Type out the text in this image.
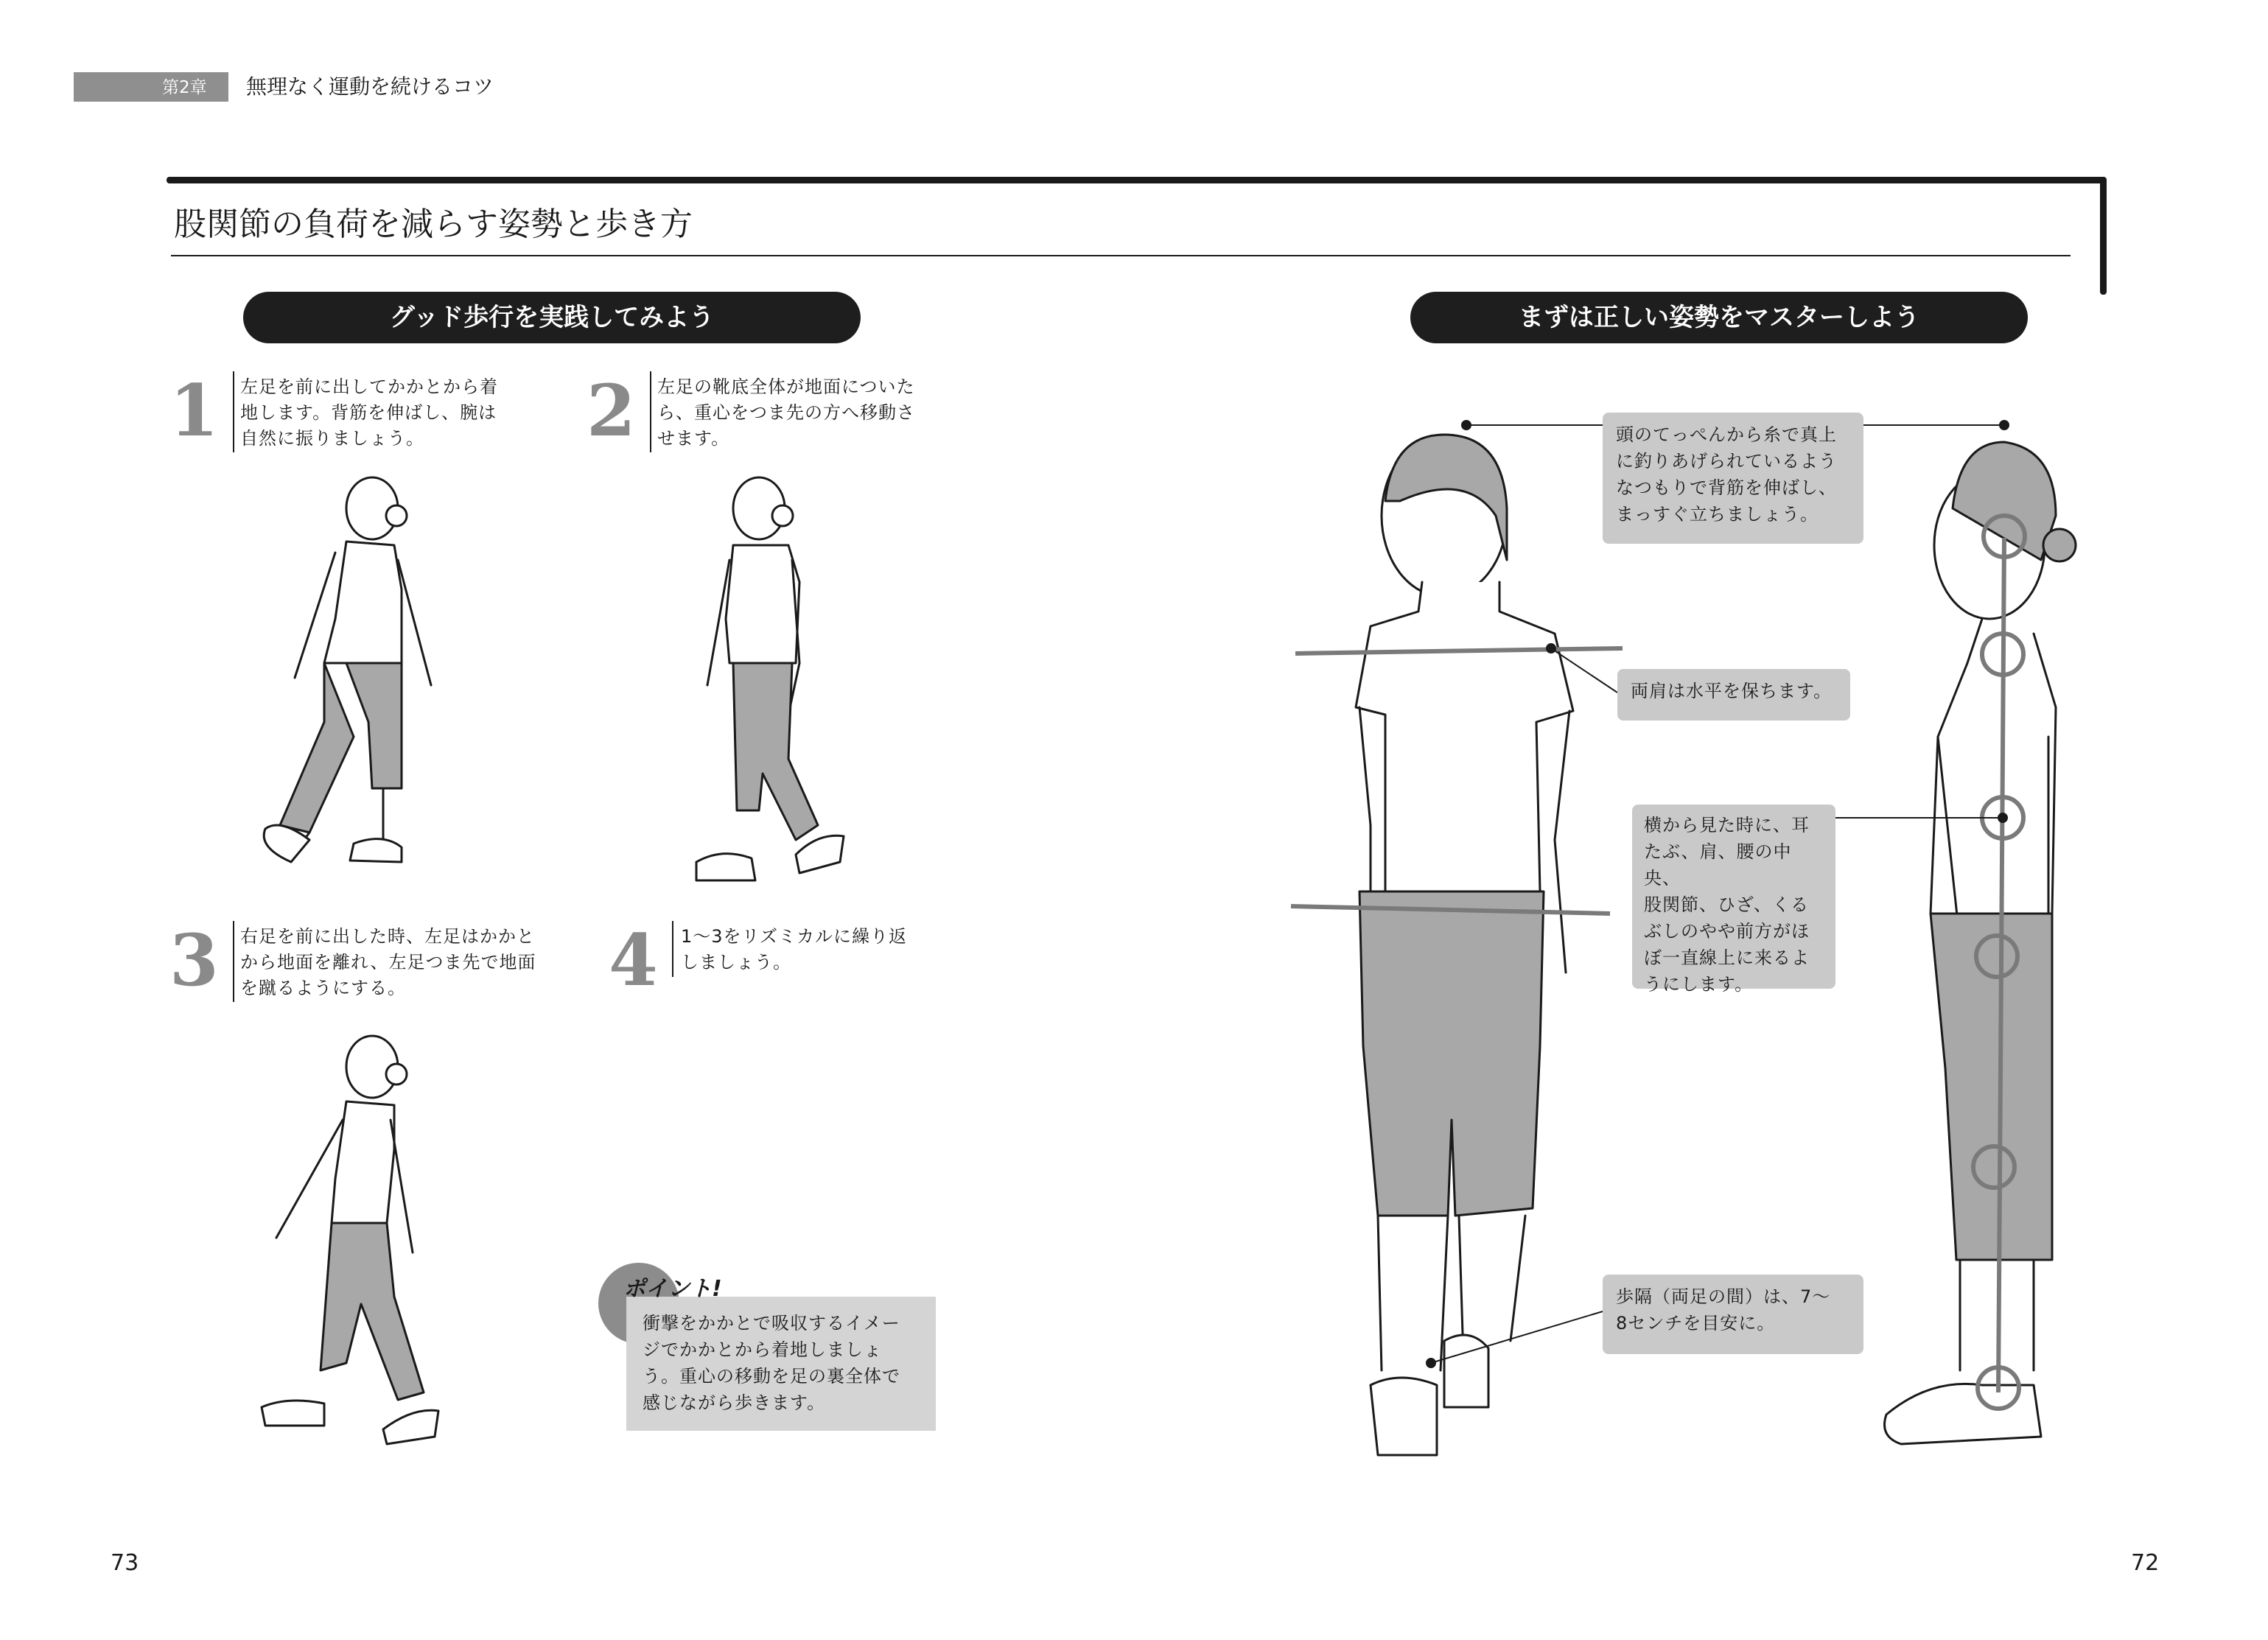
第2章 無理なく運動を続けるコツ
股関節の負荷を減らす姿勢と歩き方
グッド歩行を実践してみよう	まずは正しい姿勢をマスターしよう
1 左足を前に出してかかとから着
地します。背筋を伸ばし、腕は
自然に振りましょう。	2 左足の靴底全体が地面についた
ら、重心をつま先の方へ移動さ
せます。
3 右足を前に出した時、左足はかかと
から地面を離れ、左足つま先で地面
を蹴るようにする。	4 1～3をリズミカルに繰り返
しましょう。
頭のてっぺんから糸で真上
に釣りあげられているよう
なつもりで背筋を伸ばし、
まっすぐ立ちましょう。
両肩は水平を保ちます。
横から見た時に、耳
たぶ、肩、腰の中央、
股関節、ひざ、くる
ぶしのやや前方がほ
ぼ一直線上に来るよ
うにします。
歩隔（両足の間）は、7～
8センチを目安に。
衝撃をかかとで吸収するイメー
ジでかかとから着地しましょ
う。重心の移動を足の裏全体で
感じながら歩きます。
ポイント!
73	72
